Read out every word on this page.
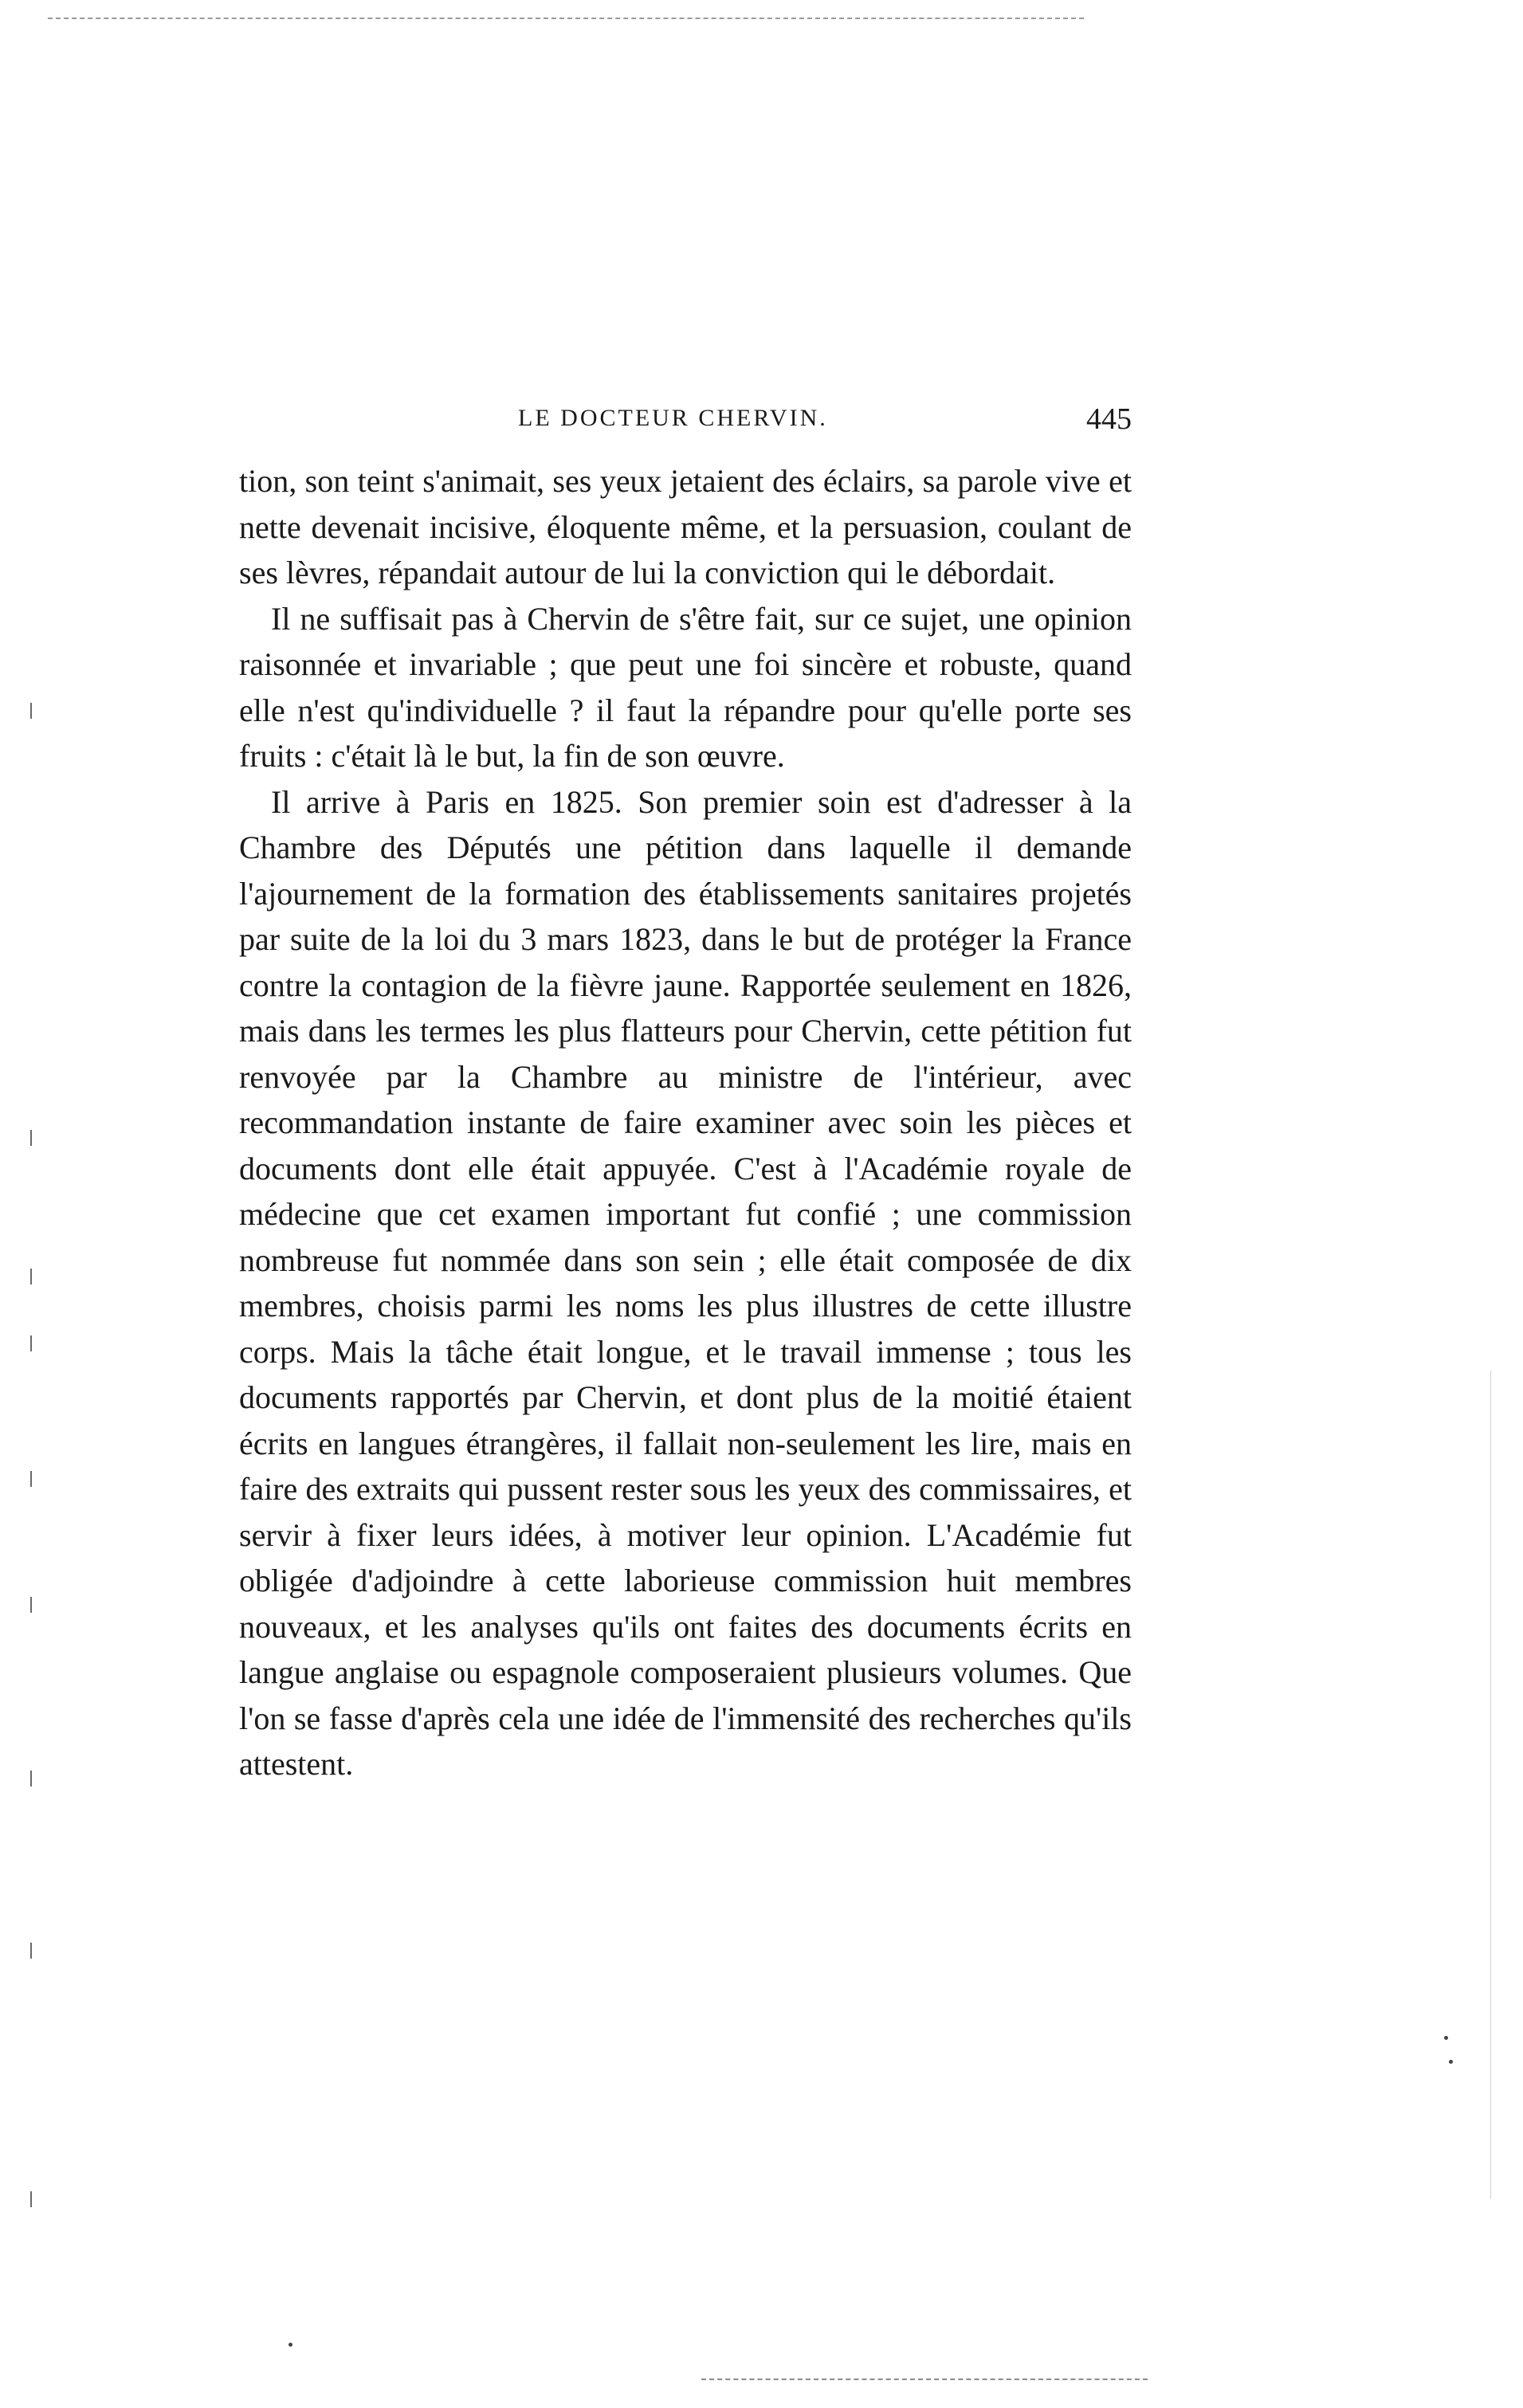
LE DOCTEUR CHERVIN.	445

tion, son teint s'animait, ses yeux jetaient des éclairs, sa parole vive et nette devenait incisive, éloquente même, et la persuasion, coulant de ses lèvres, répandait autour de lui la conviction qui le débordait.

Il ne suffisait pas à Chervin de s'être fait, sur ce sujet, une opinion raisonnée et invariable ; que peut une foi sincère et robuste, quand elle n'est qu'individuelle ? il faut la répandre pour qu'elle porte ses fruits : c'était là le but, la fin de son œuvre.

Il arrive à Paris en 1825. Son premier soin est d'adresser à la Chambre des Députés une pétition dans laquelle il demande l'ajournement de la formation des établissements sanitaires projetés par suite de la loi du 3 mars 1823, dans le but de protéger la France contre la contagion de la fièvre jaune. Rapportée seulement en 1826, mais dans les termes les plus flatteurs pour Chervin, cette pétition fut renvoyée par la Chambre au ministre de l'intérieur, avec recommandation instante de faire examiner avec soin les pièces et documents dont elle était appuyée. C'est à l'Académie royale de médecine que cet examen important fut confié ; une commission nombreuse fut nommée dans son sein ; elle était composée de dix membres, choisis parmi les noms les plus illustres de cette illustre corps. Mais la tâche était longue, et le travail immense ; tous les documents rapportés par Chervin, et dont plus de la moitié étaient écrits en langues étrangères, il fallait non-seulement les lire, mais en faire des extraits qui pussent rester sous les yeux des commissaires, et servir à fixer leurs idées, à motiver leur opinion. L'Académie fut obligée d'adjoindre à cette laborieuse commission huit membres nouveaux, et les analyses qu'ils ont faites des documents écrits en langue anglaise ou espagnole composeraient plusieurs volumes. Que l'on se fasse d'après cela une idée de l'immensité des recherches qu'ils attestent.
